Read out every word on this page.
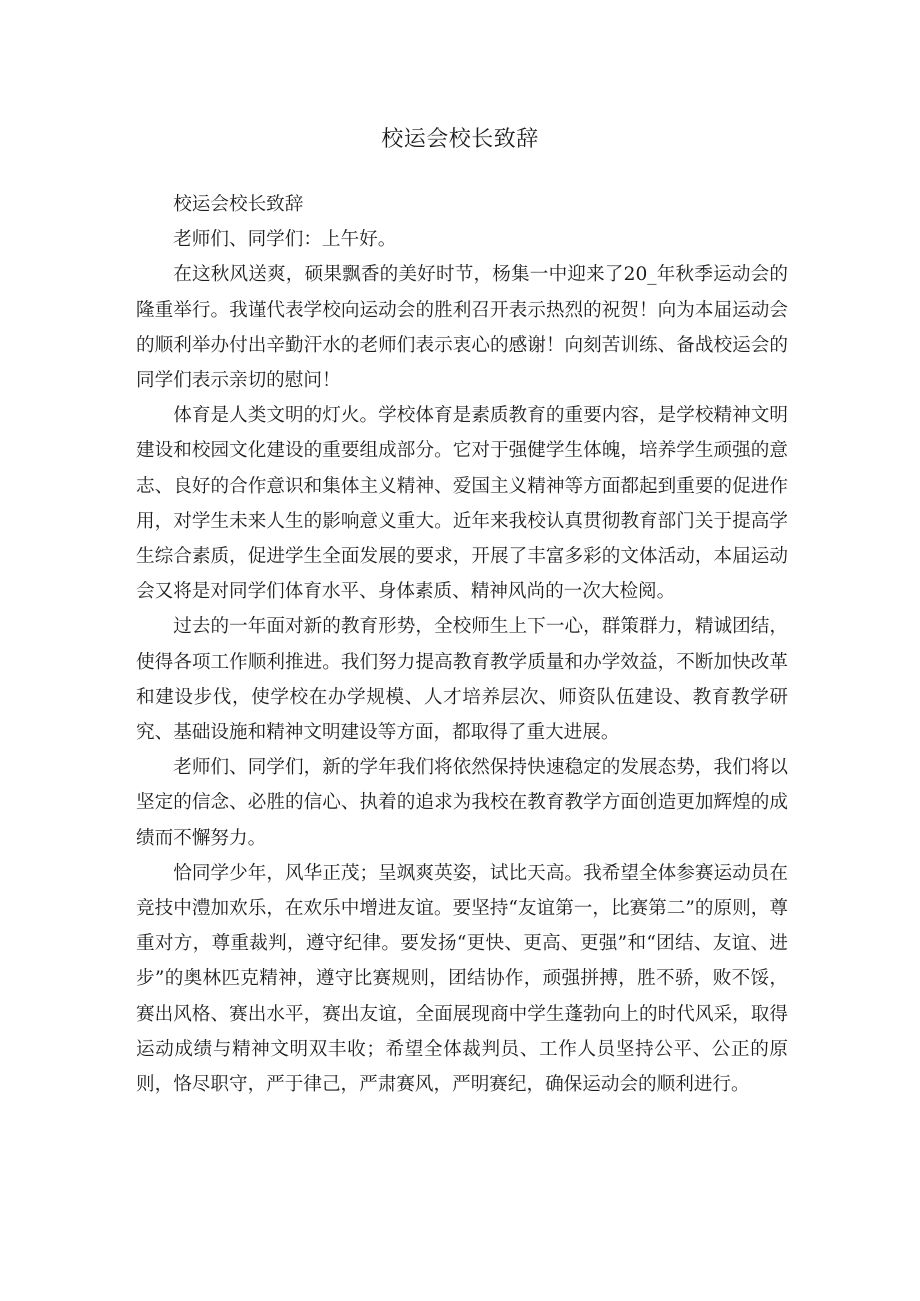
校运会校长致辞

校运会校长致辞

老师们、同学们：上午好。

在这秋风送爽，硕果飘香的美好时节，杨集一中迎来了20_年秋季运动会的隆重举行。我谨代表学校向运动会的胜利召开表示热烈的祝贺！向为本届运动会的顺利举办付出辛勤汗水的老师们表示衷心的感谢！向刻苦训练、备战校运会的同学们表示亲切的慰问！

体育是人类文明的灯火。学校体育是素质教育的重要内容，是学校精神文明建设和校园文化建设的重要组成部分。它对于强健学生体魄，培养学生顽强的意志、良好的合作意识和集体主义精神、爱国主义精神等方面都起到重要的促进作用，对学生未来人生的影响意义重大。近年来我校认真贯彻教育部门关于提高学生综合素质，促进学生全面发展的要求，开展了丰富多彩的文体活动，本届运动会又将是对同学们体育水平、身体素质、精神风尚的一次大检阅。

过去的一年面对新的教育形势，全校师生上下一心，群策群力，精诚团结，使得各项工作顺利推进。我们努力提高教育教学质量和办学效益，不断加快改革和建设步伐，使学校在办学规模、人才培养层次、师资队伍建设、教育教学研究、基础设施和精神文明建设等方面，都取得了重大进展。

老师们、同学们，新的学年我们将依然保持快速稳定的发展态势，我们将以坚定的信念、必胜的信心、执着的追求为我校在教育教学方面创造更加辉煌的成绩而不懈努力。

恰同学少年，风华正茂；呈飒爽英姿，试比天高。我希望全体参赛运动员在竞技中澧加欢乐，在欢乐中增进友谊。要坚持“友谊第一，比赛第二”的原则，尊重对方，尊重裁判，遵守纪律。要发扬“更快、更高、更强”和“团结、友谊、进步”的奥林匹克精神，遵守比赛规则，团结协作，顽强拼搏，胜不骄，败不馁，赛出风格、赛出水平，赛出友谊，全面展现商中学生蓬勃向上的时代风采，取得运动成绩与精神文明双丰收；希望全体裁判员、工作人员坚持公平、公正的原则，恪尽职守，严于律己，严肃赛风，严明赛纪，确保运动会的顺利进行。
